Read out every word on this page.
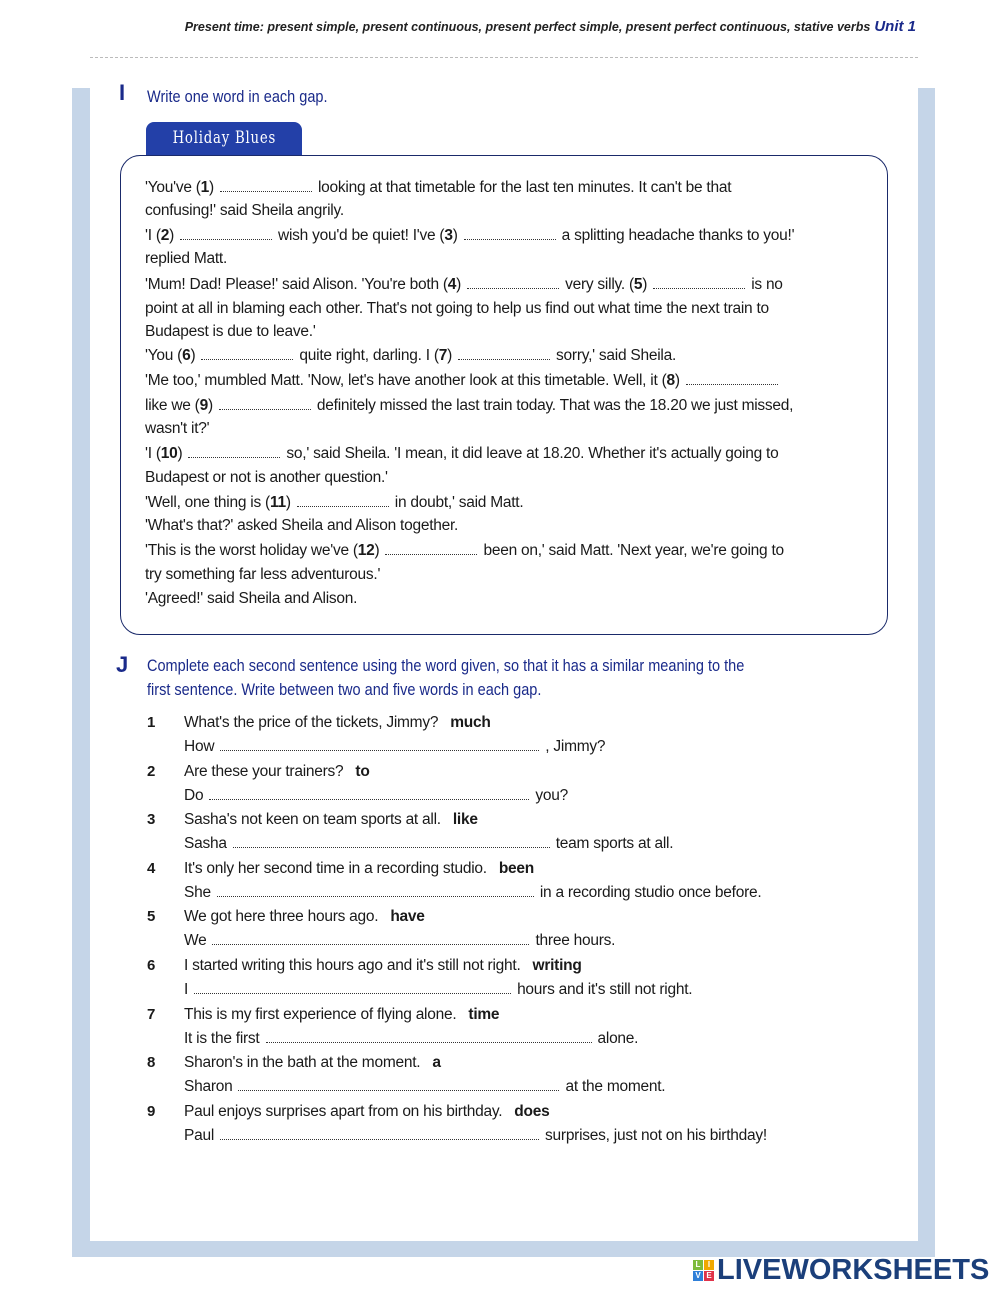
Present time: present simple, present continuous, present perfect simple, present perfect continuous, stative verbs Unit 1
I Write one word in each gap.
Holiday Blues
'You've (1)	looking at that timetable for the last ten minutes. It can't be that
confusing!' said Sheila angrily.
'I (2)	wish you'd be quiet! I've (3)	a splitting headache thanks to you!'
replied Matt.
'Mum! Dad! Please!' said Alison. 'You're both (4)	very silly. (5)	is no
point at all in blaming each other. That's not going to help us find out what time the next train to
Budapest is due to leave.'
'You (6)	quite right, darling. I (7)	sorry,' said Sheila.
'Me too,' mumbled Matt. 'Now, let's have another look at this timetable. Well, it (8)
like we (9)	definitely missed the last train today. That was the 18.20 we just missed,
wasn't it?'
'I (10)	so,' said Sheila. 'I mean, it did leave at 18.20. Whether it's actually going to
Budapest or not is another question.'
'Well, one thing is (11)	in doubt,' said Matt.
'What's that?' asked Sheila and Alison together.
'This is the worst holiday we've (12)	been on,' said Matt. 'Next year, we're going to
try something far less adventurous.'
'Agreed!' said Sheila and Alison.
J Complete each second sentence using the word given, so that it has a similar meaning to the
first sentence. Write between two and five words in each gap.
1 What's the price of the tickets, Jimmy? much
How	, Jimmy?
2 Are these your trainers? to
Do	you?
3 Sasha's not keen on team sports at all. like
Sasha	team sports at all.
4 It's only her second time in a recording studio. been
She	in a recording studio once before.
5 We got here three hours ago. have
We	three hours.
6 I started writing this hours ago and it's still not right. writing
I	hours and it's still not right.
7 This is my first experience of flying alone. time
It is the first	alone.
8 Sharon's in the bath at the moment. a
Sharon	at the moment.
9 Paul enjoys surprises apart from on his birthday. does
Paul	surprises, just not on his birthday!
L I
V E LIVEWORKSHEETS
